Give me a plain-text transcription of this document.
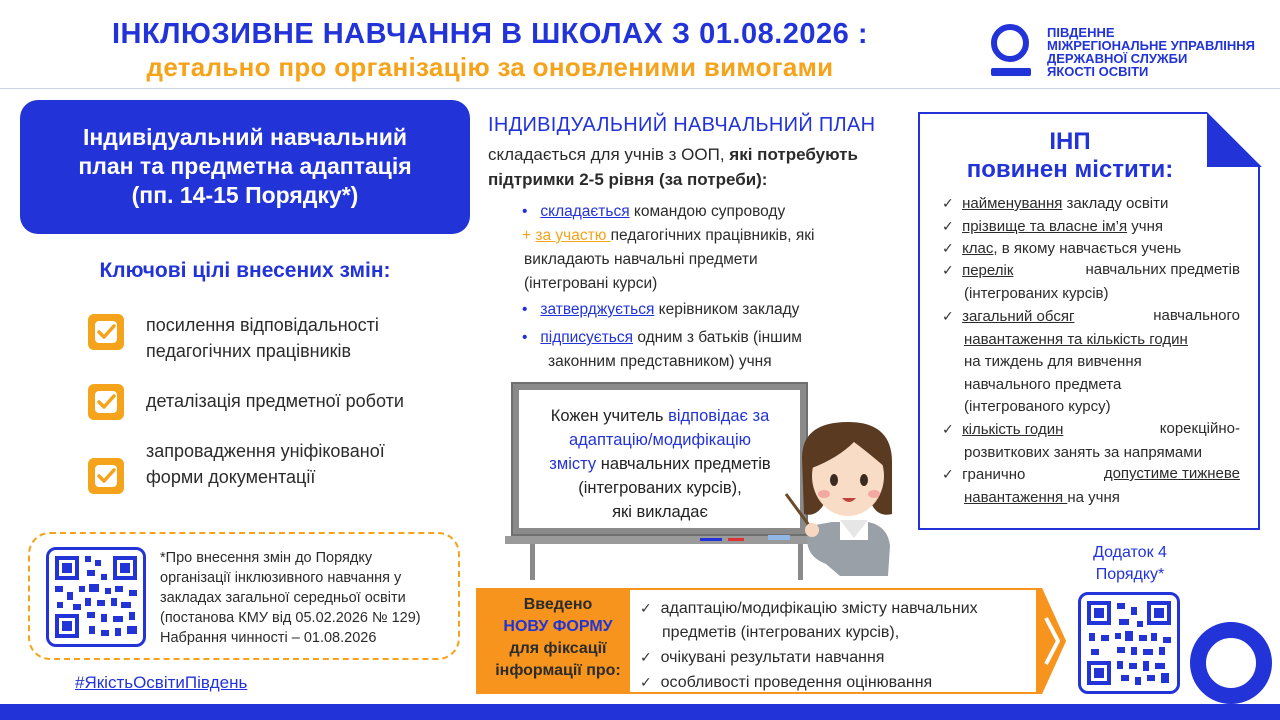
ІНКЛЮЗИВНЕ НАВЧАННЯ В ШКОЛАХ З 01.08.2026 :
детально про організацію за оновленими вимогами
ПІВДЕННЕ
МІЖРЕГІОНАЛЬНЕ УПРАВЛІННЯ
ДЕРЖАВНОЇ СЛУЖБИ
ЯКОСТІ ОСВІТИ
Індивідуальний навчальний
план та предметна адаптація
(пп. 14-15 Порядку*)
Ключові цілі внесених змін:
посилення відповідальності
педагогічних працівників
деталізація предметної роботи
запровадження уніфікованої
форми документації
*Про внесення змін до Порядку
організації інклюзивного навчання у
закладах загальної середньої освіти
(постанова КМУ від 05.02.2026 № 129)
Набрання чинності – 01.08.2026
#ЯкістьОсвітиПівдень
ІНДИВІДУАЛЬНИЙ НАВЧАЛЬНИЙ ПЛАН
складається для учнів з ООП, які потребують
підтримки 2-5 рівня (за потреби):
• складається командою супроводу
+ за участю педагогічних працівників, які
викладають навчальні предмети
(інтегровані курси)
• затверджується керівником закладу
• підписується одним з батьків (іншим
законним представником) учня
Кожен учитель відповідає за
адаптацію/модифікацію
змісту навчальних предметів
(інтегрованих курсів),
які викладає
ІНП
повинен містити:
✓ найменування закладу освіти
✓ прізвище та власне ім’я учня
✓ клас, в якому навчається учень
✓ перелік	навчальних предметів
(інтегрованих курсів)
✓ загальний обсяг	навчального
навантаження та кількість годин
на тиждень для вивчення
навчального предмета
(інтегрованого курсу)
✓ кількість годин	корекційно-
розвиткових занять за напрямами
✓ гранично	допустиме тижневе
навантаження на учня
Додаток 4
Порядку*
Введено
НОВУ ФОРМУ
для фіксації
інформації про:
✓ адаптацію/модифікацію змісту навчальних
предметів (інтегрованих курсів),
✓ очікувані результати навчання
✓ особливості проведення оцінювання
